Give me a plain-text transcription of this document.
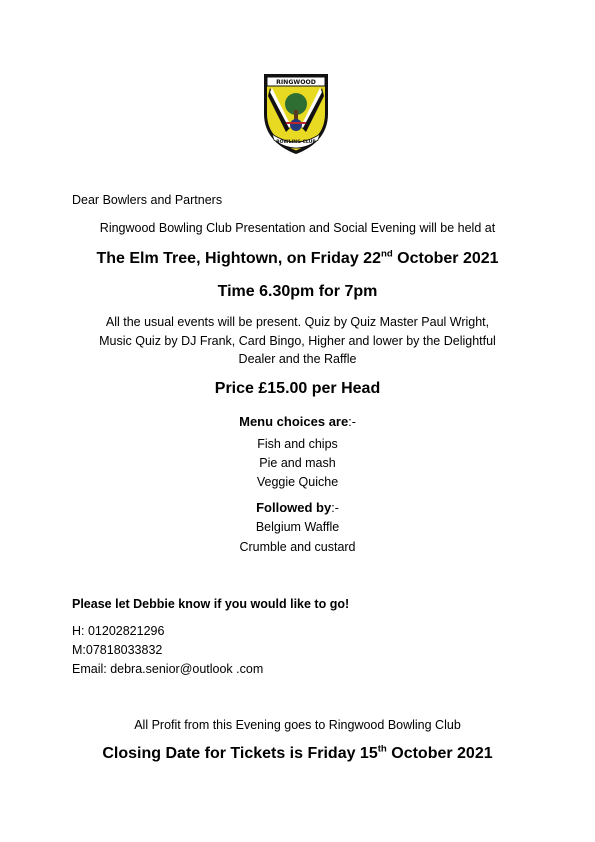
RINGWOOD
BOWLING CLUB
Dear Bowlers and Partners
Ringwood Bowling Club Presentation and Social Evening will be held at
The Elm Tree, Hightown, on Friday 22nd October 2021
Time 6.30pm for 7pm
All the usual events will be present. Quiz by Quiz Master Paul Wright,
Music Quiz by DJ Frank, Card Bingo, Higher and lower by the Delightful
Dealer and the Raffle
Price £15.00 per Head
Menu choices are:-
Fish and chips
Pie and mash
Veggie Quiche
Followed by:-
Belgium Waffle
Crumble and custard
Please let Debbie know if you would like to go!
H: 01202821296
M:07818033832
Email: debra.senior@outlook .com
All Profit from this Evening goes to Ringwood Bowling Club
Closing Date for Tickets is Friday 15th October 2021
